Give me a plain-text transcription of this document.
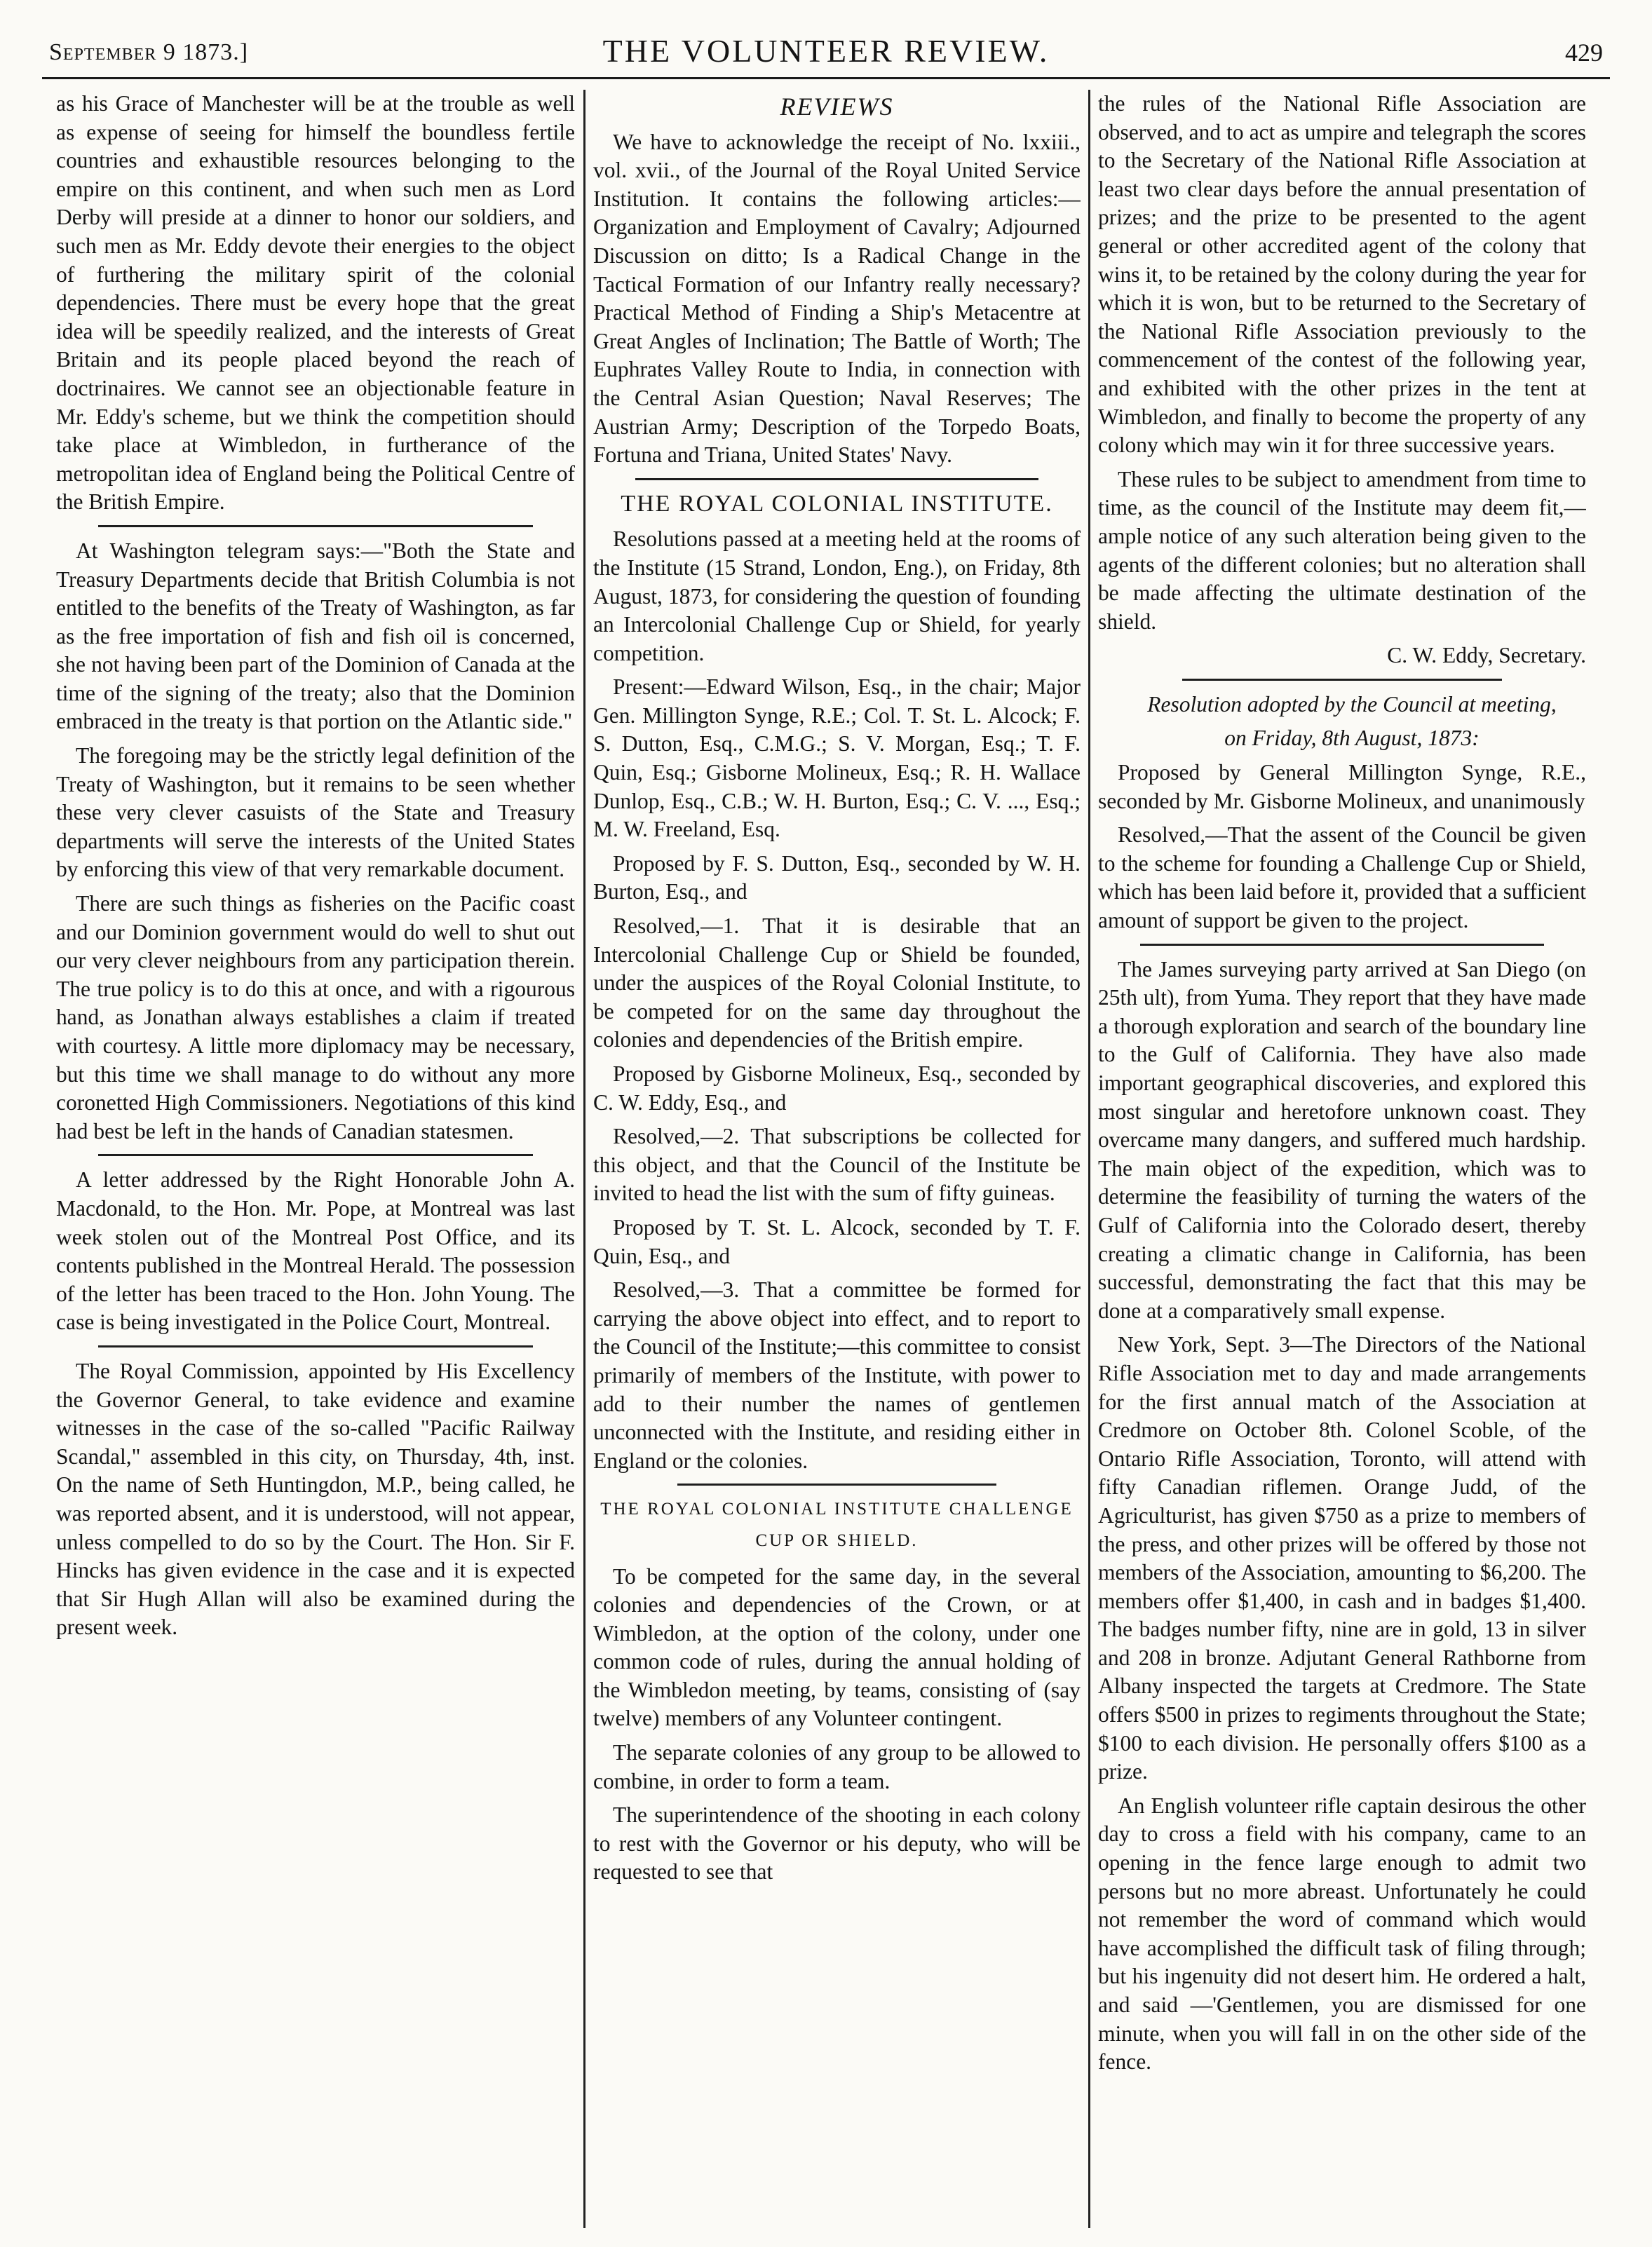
September 9 1873.]	THE VOLUNTEER REVIEW.	429

as his Grace of Manchester will be at the trouble as well as expense of seeing for himself the boundless fertile countries and exhaustible resources belonging to the empire on this continent, and when such men as Lord Derby will preside at a dinner to honor our soldiers, and such men as Mr. Eddy devote their energies to the object of furthering the military spirit of the colonial dependencies. There must be every hope that the great idea will be speedily realized, and the interests of Great Britain and its people placed beyond the reach of doctrinaires. We cannot see an objectionable feature in Mr. Eddy's scheme, but we think the competition should take place at Wimbledon, in furtherance of the metropolitan idea of England being the Political Centre of the British Empire.

At Washington telegram says:—"Both the State and Treasury Departments decide that British Columbia is not entitled to the benefits of the Treaty of Washington, as far as the free importation of fish and fish oil is concerned, she not having been part of the Dominion of Canada at the time of the signing of the treaty; also that the Dominion embraced in the treaty is that portion on the Atlantic side."

The foregoing may be the strictly legal definition of the Treaty of Washington, but it remains to be seen whether these very clever casuists of the State and Treasury departments will serve the interests of the United States by enforcing this view of that very remarkable document.

There are such things as fisheries on the Pacific coast and our Dominion government would do well to shut out our very clever neighbours from any participation therein. The true policy is to do this at once, and with a rigourous hand, as Jonathan always establishes a claim if treated with courtesy. A little more diplomacy may be necessary, but this time we shall manage to do without any more coronetted High Commissioners. Negotiations of this kind had best be left in the hands of Canadian statesmen.

A letter addressed by the Right Honorable John A. Macdonald, to the Hon. Mr. Pope, at Montreal was last week stolen out of the Montreal Post Office, and its contents published in the Montreal Herald. The possession of the letter has been traced to the Hon. John Young. The case is being investigated in the Police Court, Montreal.

The Royal Commission, appointed by His Excellency the Governor General, to take evidence and examine witnesses in the case of the so-called "Pacific Railway Scandal," assembled in this city, on Thursday, 4th, inst. On the name of Seth Huntingdon, M.P., being called, he was reported absent, and it is understood, will not appear, unless compelled to do so by the Court. The Hon. Sir F. Hincks has given evidence in the case and it is expected that Sir Hugh Allan will also be examined during the present week.

REVIEWS

We have to acknowledge the receipt of No. lxxiii., vol. xvii., of the Journal of the Royal United Service Institution. It contains the following articles:—Organization and Employment of Cavalry; Adjourned Discussion on ditto; Is a Radical Change in the Tactical Formation of our Infantry really necessary? Practical Method of Finding a Ship's Metacentre at Great Angles of Inclination; The Battle of Worth; The Euphrates Valley Route to India, in connection with the Central Asian Question; Naval Reserves; The Austrian Army; Description of the Torpedo Boats, Fortuna and Triana, United States' Navy.

THE ROYAL COLONIAL INSTITUTE.

Resolutions passed at a meeting held at the rooms of the Institute (15 Strand, London, Eng.), on Friday, 8th August, 1873, for considering the question of founding an Intercolonial Challenge Cup or Shield, for yearly competition.

Present:—Edward Wilson, Esq., in the chair; Major Gen. Millington Synge, R.E.; Col. T. St. L. Alcock; F. S. Dutton, Esq., C.M.G.; S. V. Morgan, Esq.; T. F. Quin, Esq.; Gisborne Molineux, Esq.; R. H. Wallace Dunlop, Esq., C.B.; W. H. Burton, Esq.; C. V. ..., Esq.; M. W. Freeland, Esq.

Proposed by F. S. Dutton, Esq., seconded by W. H. Burton, Esq., and

Resolved,—1. That it is desirable that an Intercolonial Challenge Cup or Shield be founded, under the auspices of the Royal Colonial Institute, to be competed for on the same day throughout the colonies and dependencies of the British empire.

Proposed by Gisborne Molineux, Esq., seconded by C. W. Eddy, Esq., and

Resolved,—2. That subscriptions be collected for this object, and that the Council of the Institute be invited to head the list with the sum of fifty guineas.

Proposed by T. St. L. Alcock, seconded by T. F. Quin, Esq., and

Resolved,—3. That a committee be formed for carrying the above object into effect, and to report to the Council of the Institute;—this committee to consist primarily of members of the Institute, with power to add to their number the names of gentlemen unconnected with the Institute, and residing either in England or the colonies.

THE ROYAL COLONIAL INSTITUTE CHALLENGE
CUP OR SHIELD.

To be competed for the same day, in the several colonies and dependencies of the Crown, or at Wimbledon, at the option of the colony, under one common code of rules, during the annual holding of the Wimbledon meeting, by teams, consisting of (say twelve) members of any Volunteer contingent.

The separate colonies of any group to be allowed to combine, in order to form a team.

The superintendence of the shooting in each colony to rest with the Governor or his deputy, who will be requested to see that

the rules of the National Rifle Association are observed, and to act as umpire and telegraph the scores to the Secretary of the National Rifle Association at least two clear days before the annual presentation of prizes; and the prize to be presented to the agent general or other accredited agent of the colony that wins it, to be retained by the colony during the year for which it is won, but to be returned to the Secretary of the National Rifle Association previously to the commencement of the contest of the following year, and exhibited with the other prizes in the tent at Wimbledon, and finally to become the property of any colony which may win it for three successive years.

These rules to be subject to amendment from time to time, as the council of the Institute may deem fit,—ample notice of any such alteration being given to the agents of the different colonies; but no alteration shall be made affecting the ultimate destination of the shield.

C. W. Eddy, Secretary.

Resolution adopted by the Council at meeting,

on Friday, 8th August, 1873:

Proposed by General Millington Synge, R.E., seconded by Mr. Gisborne Molineux, and unanimously

Resolved,—That the assent of the Council be given to the scheme for founding a Challenge Cup or Shield, which has been laid before it, provided that a sufficient amount of support be given to the project.

The James surveying party arrived at San Diego (on 25th ult), from Yuma. They report that they have made a thorough exploration and search of the boundary line to the Gulf of California. They have also made important geographical discoveries, and explored this most singular and heretofore unknown coast. They overcame many dangers, and suffered much hardship. The main object of the expedition, which was to determine the feasibility of turning the waters of the Gulf of California into the Colorado desert, thereby creating a climatic change in California, has been successful, demonstrating the fact that this may be done at a comparatively small expense.

New York, Sept. 3—The Directors of the National Rifle Association met to day and made arrangements for the first annual match of the Association at Credmore on October 8th. Colonel Scoble, of the Ontario Rifle Association, Toronto, will attend with fifty Canadian riflemen. Orange Judd, of the Agriculturist, has given $750 as a prize to members of the press, and other prizes will be offered by those not members of the Association, amounting to $6,200. The members offer $1,400, in cash and in badges $1,400. The badges number fifty, nine are in gold, 13 in silver and 208 in bronze. Adjutant General Rathborne from Albany inspected the targets at Credmore. The State offers $500 in prizes to regiments throughout the State; $100 to each division. He personally offers $100 as a prize.

An English volunteer rifle captain desirous the other day to cross a field with his company, came to an opening in the fence large enough to admit two persons but no more abreast. Unfortunately he could not remember the word of command which would have accomplished the difficult task of filing through; but his ingenuity did not desert him. He ordered a halt, and said —'Gentlemen, you are dismissed for one minute, when you will fall in on the other side of the fence.
